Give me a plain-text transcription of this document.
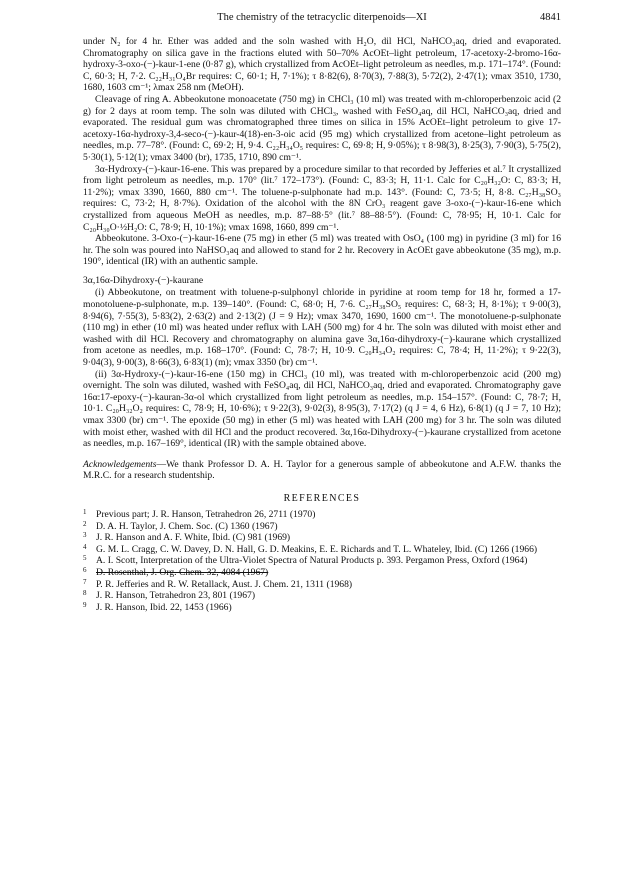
The chemistry of the tetracyclic diterpenoids—XI	4841

under N₂ for 4 hr. Ether was added and the soln washed with H₂O, dil HCl, NaHCO₃aq, dried and evaporated. Chromatography on silica gave in the fractions eluted with 50–70% AcOEt–light petroleum, 17-acetoxy-2-bromo-16α-hydroxy-3-oxo-(−)-kaur-1-ene (0·87 g), which crystallized from AcOEt–light petroleum as needles, m.p. 171–174°. (Found: C, 60·3; H, 7·2. C₂₂H₃₁O₄Br requires: C, 60·1; H, 7·1%); τ 8·82(6), 8·70(3), 7·88(3), 5·72(2), 2·47(1); νmax 3510, 1730, 1680, 1603 cm⁻¹; λmax 258 nm (MeOH).

Cleavage of ring A. Abbeokutone monoacetate (750 mg) in CHCl₃ (10 ml) was treated with m-chloroperbenzoic acid (2 g) for 2 days at room temp. The soln was diluted with CHCl₃, washed with FeSO₄aq, dil HCl, NaHCO₃aq, dried and evaporated. The residual gum was chromatographed three times on silica in 15% AcOEt–light petroleum to give 17-acetoxy-16α-hydroxy-3,4-seco-(−)-kaur-4(18)-en-3-oic acid (95 mg) which crystallized from acetone–light petroleum as needles, m.p. 77–78°. (Found: C, 69·2; H, 9·4. C₂₂H₃₄O₅ requires: C, 69·8; H, 9·05%); τ 8·98(3), 8·25(3), 7·90(3), 5·75(2), 5·30(1), 5·12(1); νmax 3400 (br), 1735, 1710, 890 cm⁻¹.

3α-Hydroxy-(−)-kaur-16-ene. This was prepared by a procedure similar to that recorded by Jefferies et al.⁷ It crystallized from light petroleum as needles, m.p. 170° (lit.⁷ 172–173°). (Found: C, 83·3; H, 11·1. Calc for C₂₀H₃₂O: C, 83·3; H, 11·2%); νmax 3390, 1660, 880 cm⁻¹. The toluene-p-sulphonate had m.p. 143°. (Found: C, 73·5; H, 8·8. C₂₇H₃₈SO₃ requires: C, 73·2; H, 8·7%). Oxidation of the alcohol with the 8N CrO₃ reagent gave 3-oxo-(−)-kaur-16-ene which crystallized from aqueous MeOH as needles, m.p. 87–88·5° (lit.⁷ 88–88·5°). (Found: C, 78·95; H, 10·1. Calc for C₂₀H₃₀O·½H₂O: C, 78·9; H, 10·1%); νmax 1698, 1660, 899 cm⁻¹.

Abbeokutone. 3-Oxo-(−)-kaur-16-ene (75 mg) in ether (5 ml) was treated with OsO₄ (100 mg) in pyridine (3 ml) for 16 hr. The soln was poured into NaHSO₃aq and allowed to stand for 2 hr. Recovery in AcOEt gave abbeokutone (35 mg), m.p. 190°, identical (IR) with an authentic sample.

3α,16α-Dihydroxy-(−)-kaurane

(i) Abbeokutone, on treatment with toluene-p-sulphonyl chloride in pyridine at room temp for 18 hr, formed a 17-monotoluene-p-sulphonate, m.p. 139–140°. (Found: C, 68·0; H, 7·6. C₂₇H₃₈SO₅ requires: C, 68·3; H, 8·1%); τ 9·00(3), 8·94(6), 7·55(3), 5·83(2), 2·63(2) and 2·13(2) (J = 9 Hz); νmax 3470, 1690, 1600 cm⁻¹. The monotoluene-p-sulphonate (110 mg) in ether (10 ml) was heated under reflux with LAH (500 mg) for 4 hr. The soln was diluted with moist ether and washed with dil HCl. Recovery and chromatography on alumina gave 3α,16α-dihydroxy-(−)-kaurane which crystallized from acetone as needles, m.p. 168–170°. (Found: C, 78·7; H, 10·9. C₂₀H₃₄O₂ requires: C, 78·4; H, 11·2%); τ 9·22(3), 9·04(3), 9·00(3), 8·66(3), 6·83(1) (m); νmax 3350 (br) cm⁻¹.

(ii) 3α-Hydroxy-(−)-kaur-16-ene (150 mg) in CHCl₃ (10 ml), was treated with m-chloroperbenzoic acid (200 mg) overnight. The soln was diluted, washed with FeSO₄aq, dil HCl, NaHCO₃aq, dried and evaporated. Chromatography gave 16α:17-epoxy-(−)-kauran-3α-ol which crystallized from light petroleum as needles, m.p. 154–157°. (Found: C, 78·7; H, 10·1. C₂₀H₃₂O₂ requires: C, 78·9; H, 10·6%); τ 9·22(3), 9·02(3), 8·95(3), 7·17(2) (q J = 4, 6 Hz), 6·8(1) (q J = 7, 10 Hz); νmax 3300 (br) cm⁻¹. The epoxide (50 mg) in ether (5 ml) was heated with LAH (200 mg) for 3 hr. The soln was diluted with moist ether, washed with dil HCl and the product recovered. 3α,16α-Dihydroxy-(−)-kaurane crystallized from acetone as needles, m.p. 167–169°, identical (IR) with the sample obtained above.

Acknowledgements—We thank Professor D. A. H. Taylor for a generous sample of abbeokutone and A.F.W. thanks the M.R.C. for a research studentship.
REFERENCES
1 Previous part; J. R. Hanson, Tetrahedron 26, 2711 (1970)
2 D. A. H. Taylor, J. Chem. Soc. (C) 1360 (1967)
3 J. R. Hanson and A. F. White, Ibid. (C) 981 (1969)
4 G. M. L. Cragg, C. W. Davey, D. N. Hall, G. D. Meakins, E. E. Richards and T. L. Whateley, Ibid. (C) 1266 (1966)
5 A. I. Scott, Interpretation of the Ultra-Violet Spectra of Natural Products p. 393. Pergamon Press, Oxford (1964)
6 D. Rosenthal, J. Org. Chem. 32, 4084 (1967)
7 P. R. Jefferies and R. W. Retallack, Aust. J. Chem. 21, 1311 (1968)
8 J. R. Hanson, Tetrahedron 23, 801 (1967)
9 J. R. Hanson, Ibid. 22, 1453 (1966)
